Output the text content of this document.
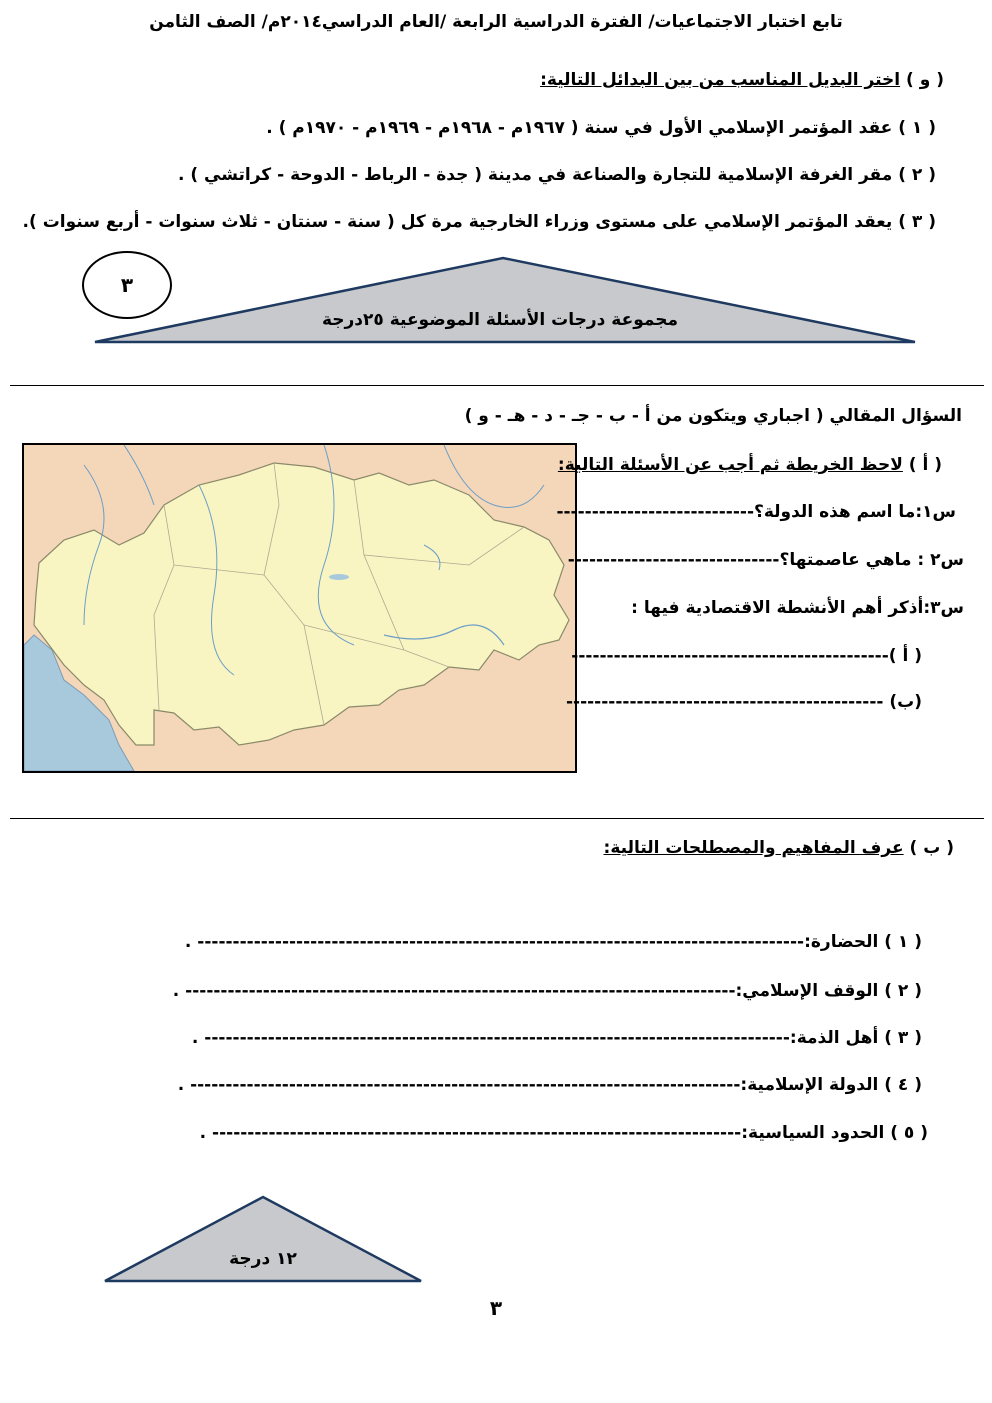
تابع اختبار الاجتماعيات/ الفترة الدراسية الرابعة /العام الدراسي٢٠١٤م/ الصف الثامن
( و ) اختر البديل المناسب من بين البدائل التالية:
( ١ ) عقد المؤتمر الإسلامي الأول في سنة ( ١٩٦٧م - ١٩٦٨م - ١٩٦٩م - ١٩٧٠م ) .
( ٢ ) مقر الغرفة الإسلامية للتجارة والصناعة في مدينة ( جدة - الرباط - الدوحة - كراتشي ) .
( ٣ ) يعقد المؤتمر الإسلامي على مستوى وزراء الخارجية مرة كل ( سنة - سنتان - ثلاث سنوات - أربع سنوات ).
٣
مجموعة درجات الأسئلة الموضوعية ٢٥درجة
السؤال المقالي ( اجباري ويتكون من أ - ب - جـ - د - هـ - و )
( أ ) لاحظ الخريطة ثم أجب عن الأسئلة التالية:
س١:ما اسم هذه الدولة؟----------------------------
س٢ : ماهي عاصمتها؟------------------------------
س٣:أذكر أهم الأنشطة الاقتصادية فيها :
( أ )---------------------------------------------
(ب) ---------------------------------------------
( ب ) عرف المفاهيم والمصطلحات التالية:
( ١ ) الحضارة:-------------------------------------------------------------------------------------- .
( ٢ ) الوقف الإسلامي:------------------------------------------------------------------------------ .
( ٣ ) أهل الذمة:----------------------------------------------------------------------------------- .
( ٤ ) الدولة الإسلامية:------------------------------------------------------------------------------ .
( ٥ ) الحدود السياسية:--------------------------------------------------------------------------- .
١٢ درجة
٣
